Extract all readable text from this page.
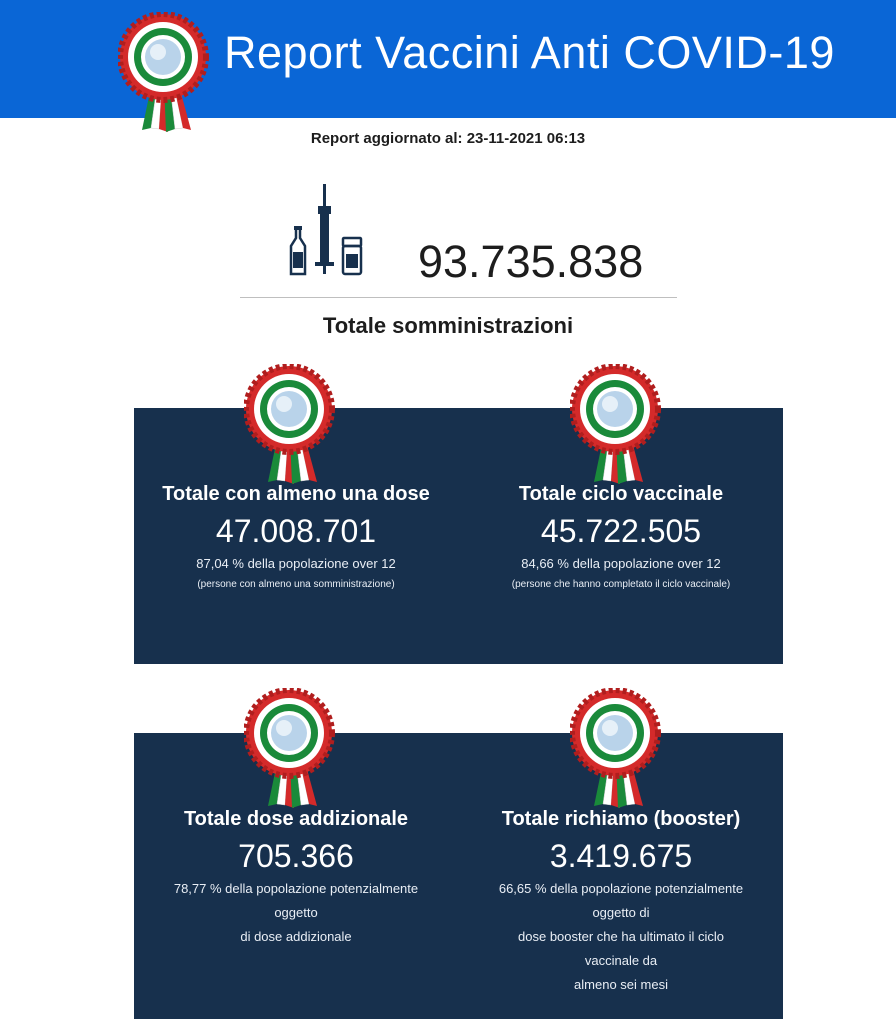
Report Vaccini Anti COVID-19
Report aggiornato al: 23-11-2021 06:13
93.735.838
Totale somministrazioni
Totale con almeno una dose
47.008.701
87,04 % della popolazione over 12
(persone con almeno una somministrazione)
Totale ciclo vaccinale
45.722.505
84,66 % della popolazione over 12
(persone che hanno completato il ciclo vaccinale)
Totale dose addizionale
705.366
78,77 % della popolazione potenzialmente
oggetto
di dose addizionale
Totale richiamo (booster)
3.419.675
66,65 % della popolazione potenzialmente
oggetto di
dose booster che ha ultimato il ciclo
vaccinale da
almeno sei mesi
